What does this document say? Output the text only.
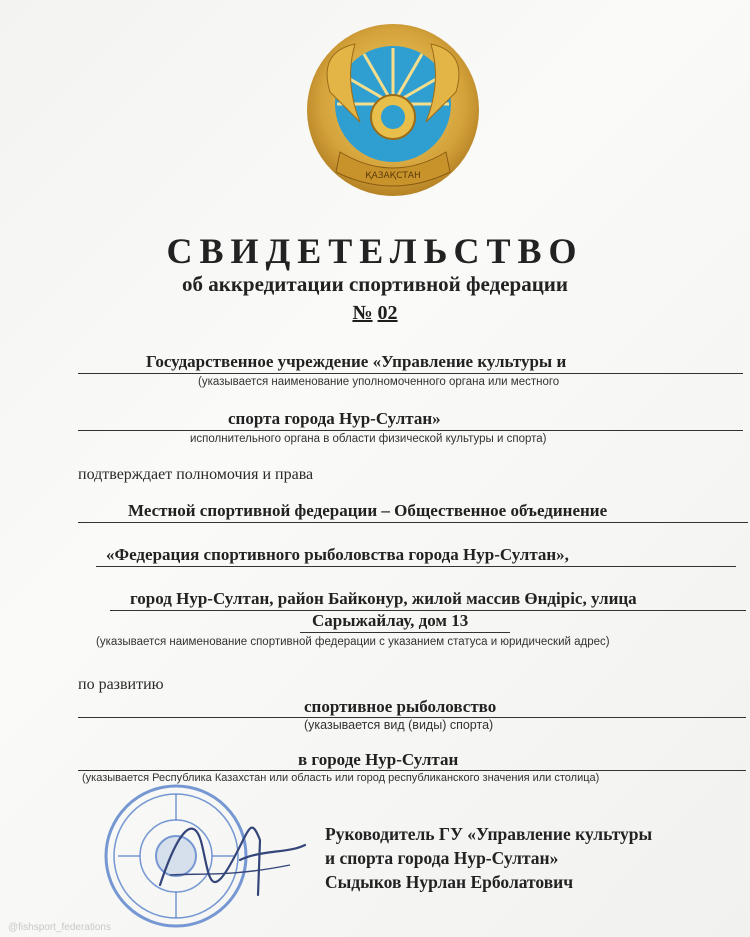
ҚАЗАҚСТАН
СВИДЕТЕЛЬСТВО
об аккредитации спортивной федерации
№ 02
Государственное учреждение «Управление культуры и
(указывается наименование уполномоченного органа или местного
спорта города Нур-Султан»
исполнительного органа в области физической культуры и спорта)
подтверждает полномочия и права
Местной спортивной федерации – Общественное объединение
«Федерация спортивного рыболовства города Нур-Султан»,
город Нур-Султан, район Байконур, жилой массив Өндіріс, улица
Сарыжайлау, дом 13
(указывается наименование спортивной федерации с указанием статуса и юридический адрес)
по развитию
спортивное рыболовство
(указывается вид (виды) спорта)
в городе Нур-Султан
(указывается Республика Казахстан или область или город республиканского значения или столица)
Руководитель ГУ «Управление культуры
и спорта города Нур-Султан»
Сыдыков Нурлан Ерболатович
@fishsport_federations
